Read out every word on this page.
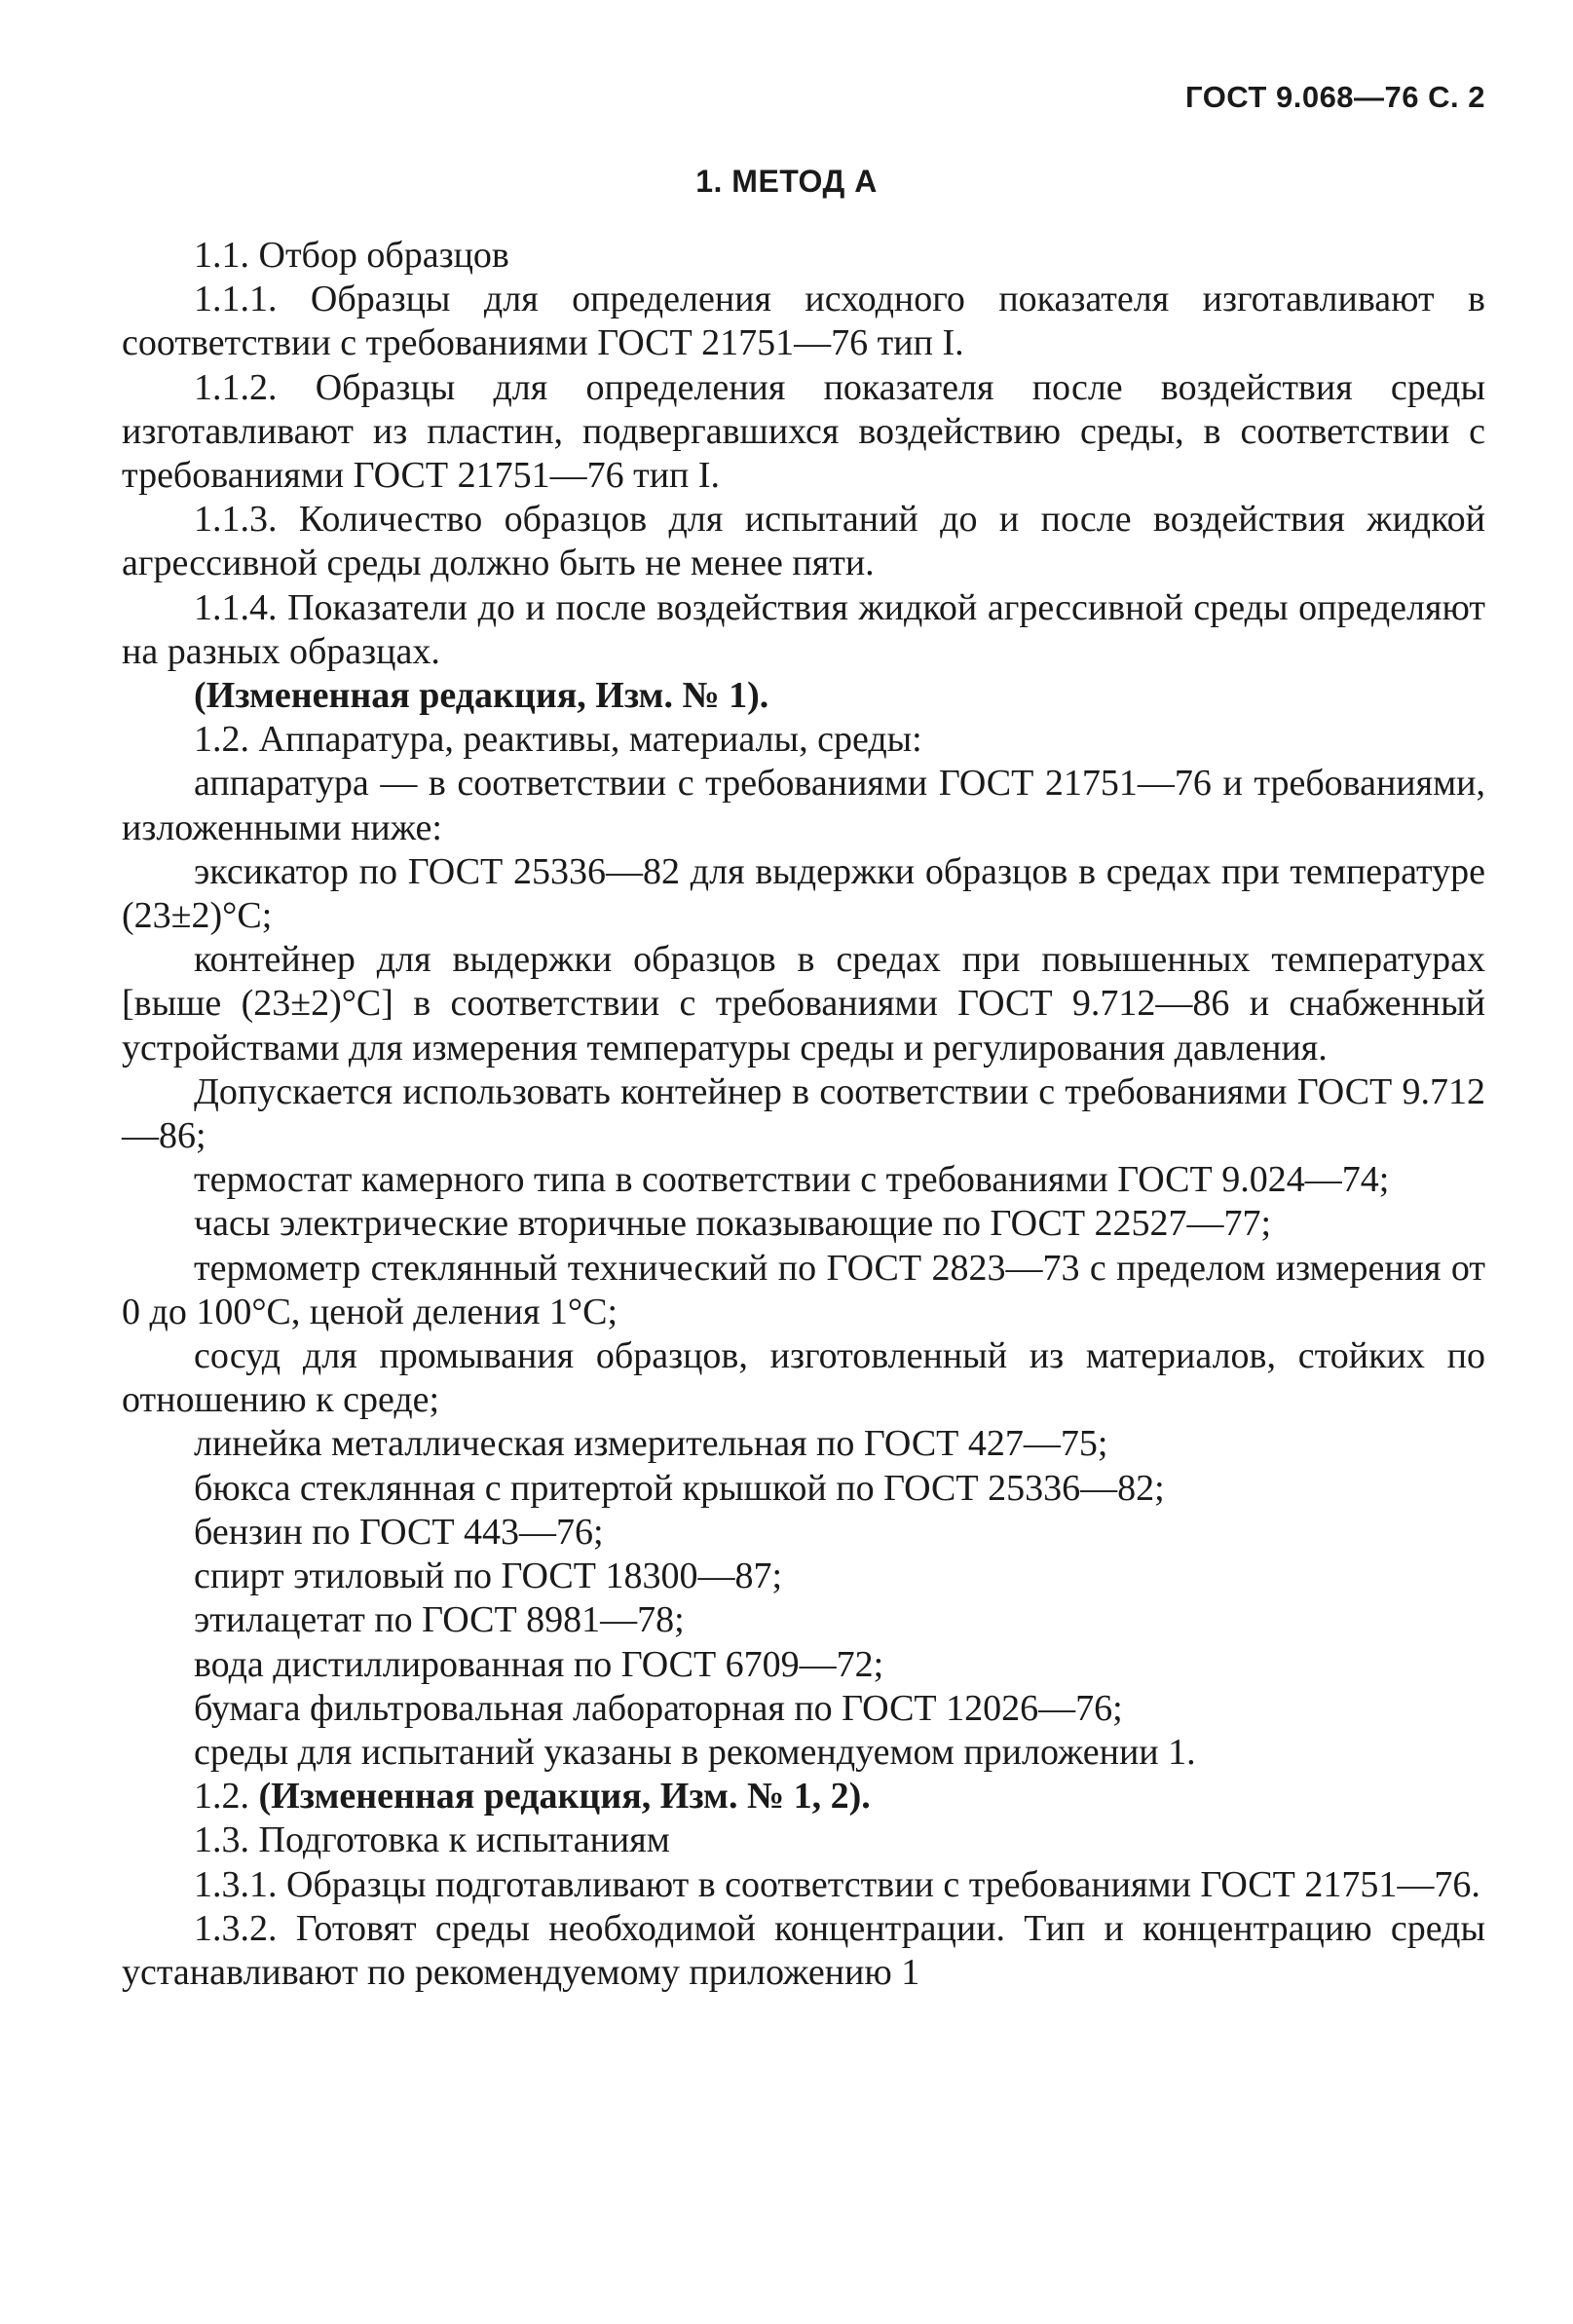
ГОСТ 9.068—76 С. 2
1. МЕТОД А

1.1. Отбор образцов

1.1.1. Образцы для определения исходного показателя изготавливают в соответствии с требованиями ГОСТ 21751—76 тип I.

1.1.2. Образцы для определения показателя после воздействия среды изготавливают из пластин, подвергавшихся воздействию среды, в соответствии с требованиями ГОСТ 21751—76 тип I.

1.1.3. Количество образцов для испытаний до и после воздействия жидкой агрессивной среды должно быть не менее пяти.

1.1.4. Показатели до и после воздействия жидкой агрессивной среды определяют на разных образцах.

(Измененная редакция, Изм. № 1).

1.2. Аппаратура, реактивы, материалы, среды:

аппаратура — в соответствии с требованиями ГОСТ 21751—76 и требованиями, изложенными ниже:

эксикатор по ГОСТ 25336—82 для выдержки образцов в средах при температуре (23±2)°С;

контейнер для выдержки образцов в средах при повышенных температурах [выше (23±2)°С] в соответствии с требованиями ГОСТ 9.712—86 и снабженный устройствами для измерения температуры среды и регулирования давления.

Допускается использовать контейнер в соответствии с требованиями ГОСТ 9.712—86;

термостат камерного типа в соответствии с требованиями ГОСТ 9.024—74;

часы электрические вторичные показывающие по ГОСТ 22527—77;

термометр стеклянный технический по ГОСТ 2823—73 с пределом измерения от 0 до 100°С, ценой деления 1°С;

сосуд для промывания образцов, изготовленный из материалов, стойких по отношению к среде;

линейка металлическая измерительная по ГОСТ 427—75;

бюкса стеклянная с притертой крышкой по ГОСТ 25336—82;

бензин по ГОСТ 443—76;

спирт этиловый по ГОСТ 18300—87;

этилацетат по ГОСТ 8981—78;

вода дистиллированная по ГОСТ 6709—72;

бумага фильтровальная лабораторная по ГОСТ 12026—76;

среды для испытаний указаны в рекомендуемом приложении 1.

1.2. (Измененная редакция, Изм. № 1, 2).

1.3. Подготовка к испытаниям

1.3.1. Образцы подготавливают в соответствии с требованиями ГОСТ 21751—76.

1.3.2. Готовят среды необходимой концентрации. Тип и концентрацию среды устанавливают по рекомендуемому приложению 1
